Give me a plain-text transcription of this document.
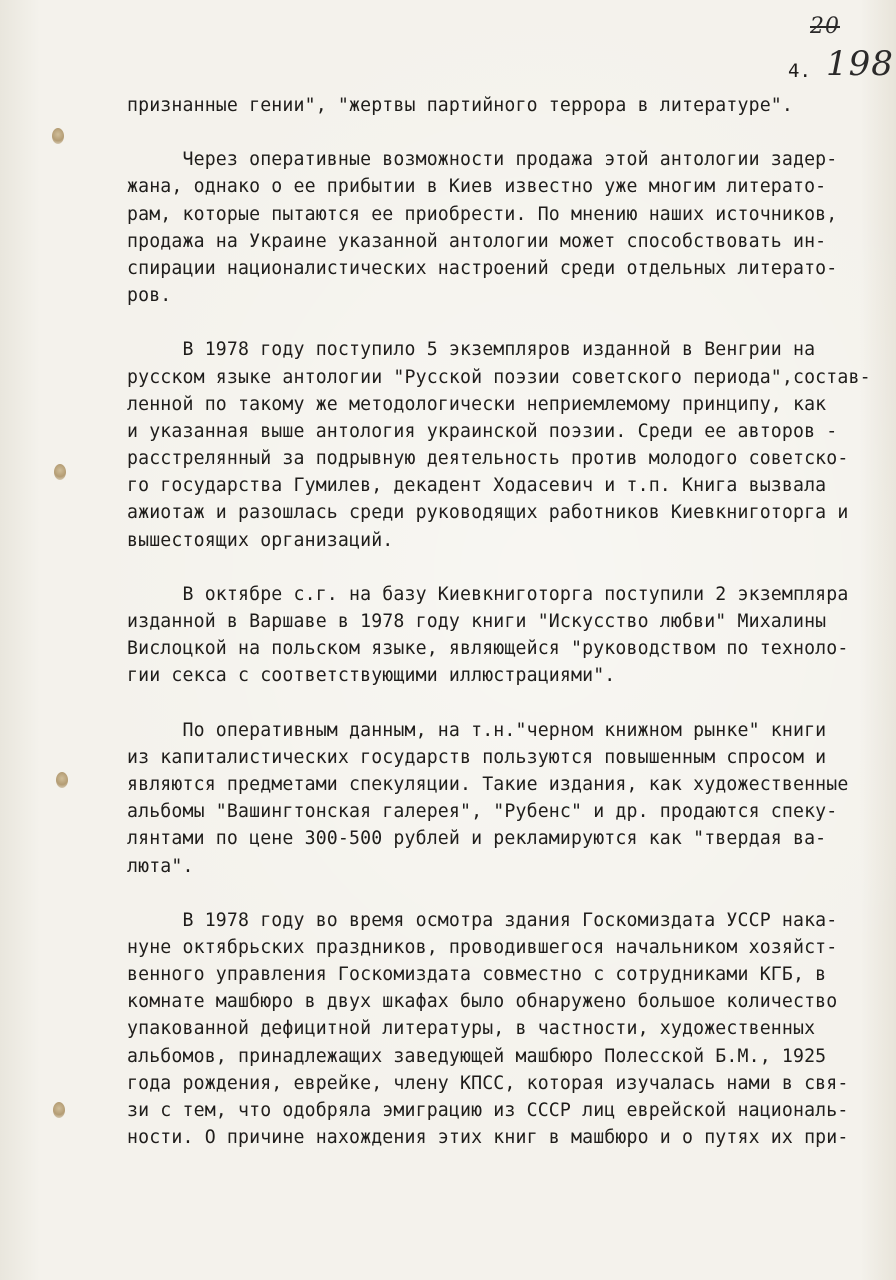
20
198
4.
признанные гении", "жертвы партийного террора в литературе".
Через оперативные возможности продажа этой антологии задер-
жана, однако о ее прибытии в Киев известно уже многим литерато-
рам, которые пытаются ее приобрести. По мнению наших источников,
продажа на Украине указанной антологии может способствовать ин-
спирации националистических настроений среди отдельных литерато-
ров.
В 1978 году поступило 5 экземпляров изданной в Венгрии на
русском языке антологии "Русской поэзии советского периода",состав-
ленной по такому же методологически неприемлемому принципу, как
и указанная выше антология украинской поэзии. Среди ее авторов -
расстрелянный за подрывную деятельность против молодого советско-
го государства Гумилев, декадент Ходасевич и т.п. Книга вызвала
ажиотаж и разошлась среди руководящих работников Киевкниготорга и
вышестоящих организаций.
В октябре с.г. на базу Киевкниготорга поступили 2 экземпляра
изданной в Варшаве в 1978 году книги "Искусство любви" Михалины
Вислоцкой на польском языке, являющейся "руководством по техноло-
гии секса с соответствующими иллюстрациями".
По оперативным данным, на т.н."черном книжном рынке" книги
из капиталистических государств пользуются повышенным спросом и
являются предметами спекуляции. Такие издания, как художественные
альбомы "Вашингтонская галерея", "Рубенс" и др. продаются спеку-
лянтами по цене 300-500 рублей и рекламируются как "твердая ва-
люта".
В 1978 году во время осмотра здания Госкомиздата УССР нака-
нуне октябрьских праздников, проводившегося начальником хозяйст-
венного управления Госкомиздата совместно с сотрудниками КГБ, в
комнате машбюро в двух шкафах было обнаружено большое количество
упакованной дефицитной литературы, в частности, художественных
альбомов, принадлежащих заведующей машбюро Полесской Б.М., 1925
года рождения, еврейке, члену КПСС, которая изучалась нами в свя-
зи с тем, что одобряла эмиграцию из СССР лиц еврейской националь-
ности. О причине нахождения этих книг в машбюро и о путях их при-
